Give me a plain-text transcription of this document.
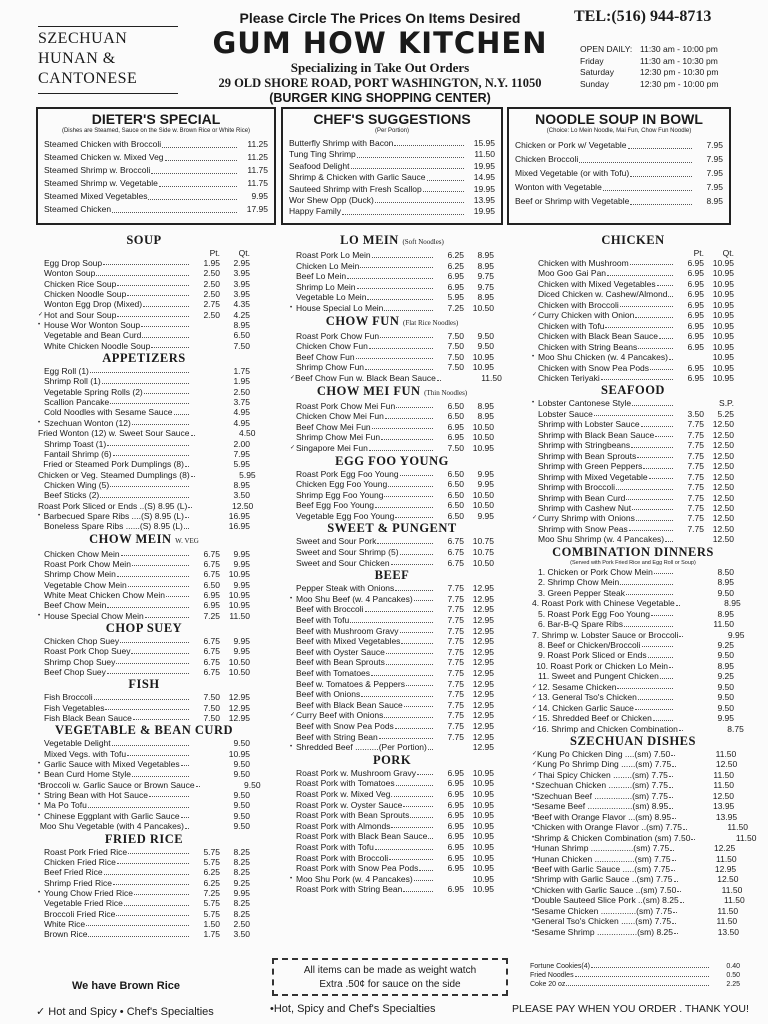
SZECHUAN
HUNAN &
CANTONESE
Please Circle The Prices On Items Desired
GUM HOW KITCHEN
Specializing in Take Out Orders
29 OLD SHORE ROAD, PORT WASHINGTON, N.Y. 11050
(BURGER KING SHOPPING CENTER)
TEL:(516) 944-8713
OPEN DAILY: 11:30 am - 10:00 pm
Friday	11:30 am - 10:30 pm
Saturday	12:30 pm - 10:30 pm
Sunday	12:30 pm - 10:00 pm
DIETER'S SPECIAL
(Dishes are Steamed, Sauce on the Side w. Brown Rice or White Rice)
Steamed Chicken with Broccoli	11.25
Steamed Chicken w. Mixed Veg	11.25
Steamed Shrimp w. Broccoli	11.75
Steamed Shrimp w. Vegetable	11.75
Steamed Mixed Vegetables	9.95
Steamed Chicken	17.95
CHEF'S SUGGESTIONS
(Per Portion)
Butterfly Shrimp with Bacon	15.95
Tung Ting Shrimp	11.50
Seafood Delight	19.95
Shrimp & Chicken with Garlic Sauce	14.95
Sauteed Shrimp with Fresh Scallop	19.95
Wor Shew Opp (Duck)	13.95
Happy Family	19.95
NOODLE SOUP IN BOWL
(Choice: Lo Mein Noodle, Mai Fun, Chow Fun Noodle)
Chicken or Pork w/ Vegetable	7.95
Chicken Broccoli	7.95
Mixed Vegetable (or with Tofu)	7.95
Wonton with Vegetable	7.95
Beef or Shrimp with Vegetable	8.95
SOUP
Pt.	Qt.
Egg Drop Soup	1.95	2.95
Wonton Soup	2.50	3.95
Chicken Rice Soup	2.50	3.95
Chicken Noodle Soup	2.50	3.95
Wonton Egg Drop (Mixed)	2.75	4.35
✓ Hot and Sour Soup	2.50	4.25
• House Wor Wonton Soup	8.95
Vegetable and Bean Curd	6.50
White Chicken Noodle Soup	7.50
APPETIZERS
Egg Roll (1)	1.75
Shrimp Roll (1)	1.95
Vegetable Spring Rolls (2)	2.50
Scallion Pancake	3.75
Cold Noodles with Sesame Sauce	4.95
• Szechuan Wonton (12)	4.95
Fried Wonton (12) w. Sweet Sour Sauce	4.50
Shrimp Toast (1)	2.00
Fantail Shrimp (6)	7.95
Fried or Steamed Pork Dumplings (8)	5.95
Chicken or Veg. Steamed Dumplings (8)	5.95
Chicken Wing (5)	8.95
Beef Sticks (2)	3.50
Roast Pork Sliced or Ends ..(S) 8.95 (L)	12.50
• Barbecued Spare Ribs ....(S) 8.95 (L)	16.95
Boneless Spare Ribs ......(S) 8.95 (L)	16.95
CHOW MEIN W. VEG
Chicken Chow Mein	6.75	9.95
Roast Pork Chow Mein	6.75	9.95
Shrimp Chow Mein	6.75	10.95
Vegetable Chow Mein	6.50	9.95
White Meat Chicken Chow Mein	6.95	10.95
Beef Chow Mein	6.95	10.95
• House Special Chow Mein	7.25	11.50
CHOP SUEY
Chicken Chop Suey	6.75	9.95
Roast Pork Chop Suey	6.75	9.95
Shrimp Chop Suey	6.75	10.50
Beef Chop Suey	6.75	10.50
FISH
Fish Broccoli	7.50	12.95
Fish Vegetables	7.50	12.95
Fish Black Bean Sauce	7.50	12.95
VEGETABLE & BEAN CURD
Vegetable Delight	9.50
Mixed Vegs. with Tofu	10.95
• Garlic Sauce with Mixed Vegetables	9.50
• Bean Curd Home Style	9.50
• Broccoli w. Garlic Sauce or Brown Sauce	9.50
• String Bean with Hot Sauce	9.50
• Ma Po Tofu	9.50
• Chinese Eggplant with Garlic Sauce	9.50
Moo Shu Vegetable (with 4 Pancakes)	9.50
FRIED RICE
Roast Pork Fried Rice	5.75	8.25
Chicken Fried Rice	5.75	8.25
Beef Fried Rice	6.25	8.25
Shrimp Fried Rice	6.25	9.25
• Young Chow Fried Rice	7.25	9.95
Vegetable Fried Rice	5.75	8.25
Broccoli Fried Rice	5.75	8.25
White Rice	1.50	2.50
Brown Rice	1.75	3.50
LO MEIN (Soft Noodles)
Roast Pork Lo Mein	6.25	8.95
Chicken Lo Mein	6.25	8.95
Beef Lo Mein	6.95	9.75
Shrimp Lo Mein	6.95	9.75
Vegetable Lo Mein	5.95	8.95
• House Special Lo Mein	7.25	10.50
CHOW FUN (Flat Rice Noodles)
Roast Pork Chow Fun	7.50	9.50
Chicken Chow Fun	7.50	9.50
Beef Chow Fun	7.50	10.95
Shrimp Chow Fun	7.50	10.95
✓ Beef Chow Fun w. Black Bean Sauce	11.50
CHOW MEI FUN (Thin Noodles)
Roast Pork Chow Mei Fun	6.50	8.95
Chicken Chow Mei Fun	6.50	8.95
Beef Chow Mei Fun	6.95	10.50
Shrimp Chow Mei Fun	6.95	10.50
✓ Singapore Mei Fun	7.50	10.95
EGG FOO YOUNG
Roast Pork Egg Foo Young	6.50	9.95
Chicken Egg Foo Young	6.50	9.95
Shrimp Egg Foo Young	6.50	10.50
Beef Egg Foo Young	6.50	10.50
Vegetable Egg Foo Young	6.50	9.95
SWEET & PUNGENT
Sweet and Sour Pork	6.75	10.75
Sweet and Sour Shrimp (5)	6.75	10.75
Sweet and Sour Chicken	6.75	10.50
BEEF
Pepper Steak with Onions	7.75	12.95
• Moo Shu Beef (w. 4 Pancakes)	7.75	12.95
Beef with Broccoli	7.75	12.95
Beef with Tofu	7.75	12.95
Beef with Mushroom Gravy	7.75	12.95
Beef with Mixed Vegetables	7.75	12.95
Beef with Oyster Sauce	7.75	12.95
Beef with Bean Sprouts	7.75	12.95
Beef with Tomatoes	7.75	12.95
Beef w. Tomatoes & Peppers	7.75	12.95
Beef with Onions	7.75	12.95
Beef with Black Bean Sauce	7.75	12.95
✓ Curry Beef with Onions	7.75	12.95
Beef with Snow Pea Pods	7.75	12.95
Beef with String Bean	7.75	12.95
• Shredded Beef ..........(Per Portion)	12.95
PORK
Roast Pork w. Mushroom Gravy	6.95	10.95
Roast Pork with Tomatoes	6.95	10.95
Roast Pork w. Mixed Veg.	6.95	10.95
Roast Pork w. Oyster Sauce	6.95	10.95
Roast Pork with Bean Sprouts	6.95	10.95
Roast Pork with Almonds	6.95	10.95
Roast Pork with Black Bean Sauce	6.95	10.95
Roast Pork with Tofu	6.95	10.95
Roast Pork with Broccoli	6.95	10.95
Roast Pork with Snow Pea Pods	6.95	10.95
• Moo Shu Pork (w. 4 Pancakes)	10.95
Roast Pork with String Bean	6.95	10.95
CHICKEN
Pt.	Qt.
Chicken with Mushroom	6.95	10.95
Moo Goo Gai Pan	6.95	10.95
Chicken with Mixed Vegetables	6.95	10.95
Diced Chicken w. Cashew/Almond	6.95	10.95
Chicken with Broccoli	6.95	10.95
✓ Curry Chicken with Onion	6.95	10.95
Chicken with Tofu	6.95	10.95
Chicken with Black Bean Sauce	6.95	10.95
Chicken with String Beans	6.95	10.95
• Moo Shu Chicken (w. 4 Pancakes)	10.95
Chicken with Snow Pea Pods	6.95	10.95
Chicken Teriyaki	6.95	10.95
SEAFOOD
• Lobster Cantonese Style	S.P.
Lobster Sauce	3.50	5.25
Shrimp with Lobster Sauce	7.75	12.50
Shrimp with Black Bean Sauce	7.75	12.50
Shrimp with Stringbeans	7.75	12.50
Shrimp with Bean Sprouts	7.75	12.50
Shrimp with Green Peppers	7.75	12.50
Shrimp with Mixed Vegetable	7.75	12.50
Shrimp with Broccoli	7.75	12.50
Shrimp with Bean Curd	7.75	12.50
Shrimp with Cashew Nut	7.75	12.50
✓ Curry Shrimp with Onions	7.75	12.50
Shrimp with Snow Peas	7.75	12.50
Moo Shu Shrimp (w. 4 Pancakes)	12.50
COMBINATION DINNERS
(Served with Pork Fried Rice and Egg Roll or Soup)
1. Chicken or Pork Chow Mein	8.50
2. Shrimp Chow Mein	8.95
3. Green Pepper Steak	9.50
4. Roast Pork with Chinese Vegetable	8.95
5. Roast Pork Egg Foo Young	8.95
6. Bar-B-Q Spare Ribs	11.50
7. Shrimp w. Lobster Sauce or Broccoli	9.95
8. Beef or Chicken/Broccoli	9.25
9. Roast Pork Sliced or Ends	9.50
10. Roast Pork or Chicken Lo Mein	8.95
11. Sweet and Pungent Chicken	9.25
✓ 12. Sesame Chicken	9.50
✓ 13. General Tso's Chicken	9.50
✓ 14. Chicken Garlic Sauce	9.50
✓ 15. Shredded Beef or Chicken	9.95
✓ 16. Shrimp and Chicken Combination	8.75
SZECHUAN DISHES
✓ Kung Po Chicken Ding ....(sm) 7.50	11.50
✓ Kung Po Shrimp Ding ......(sm) 7.75	12.50
✓ Thai Spicy Chicken ........(sm) 7.75	11.50
• Szechuan Chicken ..........(sm) 7.75	11.50
• Szechuan Beef ................(sm) 7.75	12.50
• Sesame Beef ...................(sm) 8.95	13.95
• Beef with Orange Flavor ...(sm) 8.95	13.95
• Chicken with Orange Flavor ..(sm) 7.75	11.50
• Shrimp & Chicken Combination (sm) 7.50	11.50
• Hunan Shrimp ..................(sm) 7.75	12.25
• Hunan Chicken .................(sm) 7.75	11.50
• Beef with Garlic Sauce .....(sm) 7.75	12.95
• Shrimp with Garlic Sauce ..(sm) 7.75	12.50
• Chicken with Garlic Sauce ..(sm) 7.50	11.50
• Double Sauteed Slice Pork ..(sm) 8.25	11.50
• Sesame Chicken ...............(sm) 7.75	11.50
• General Tso's Chicken ......(sm) 7.75	11.50
• Sesame Shrimp .................(sm) 8.25	13.50
We have Brown Rice
All items can be made as weight watch
Extra .50¢ for sauce on the side
Fortune Cookies(4)	0.40
Fried Noodles	0.50
Coke 20 oz	2.25
✓ Hot and Spicy • Chef's Specialties	•Hot, Spicy and Chef's Specialties	PLEASE PAY WHEN YOU ORDER . THANK YOU!
